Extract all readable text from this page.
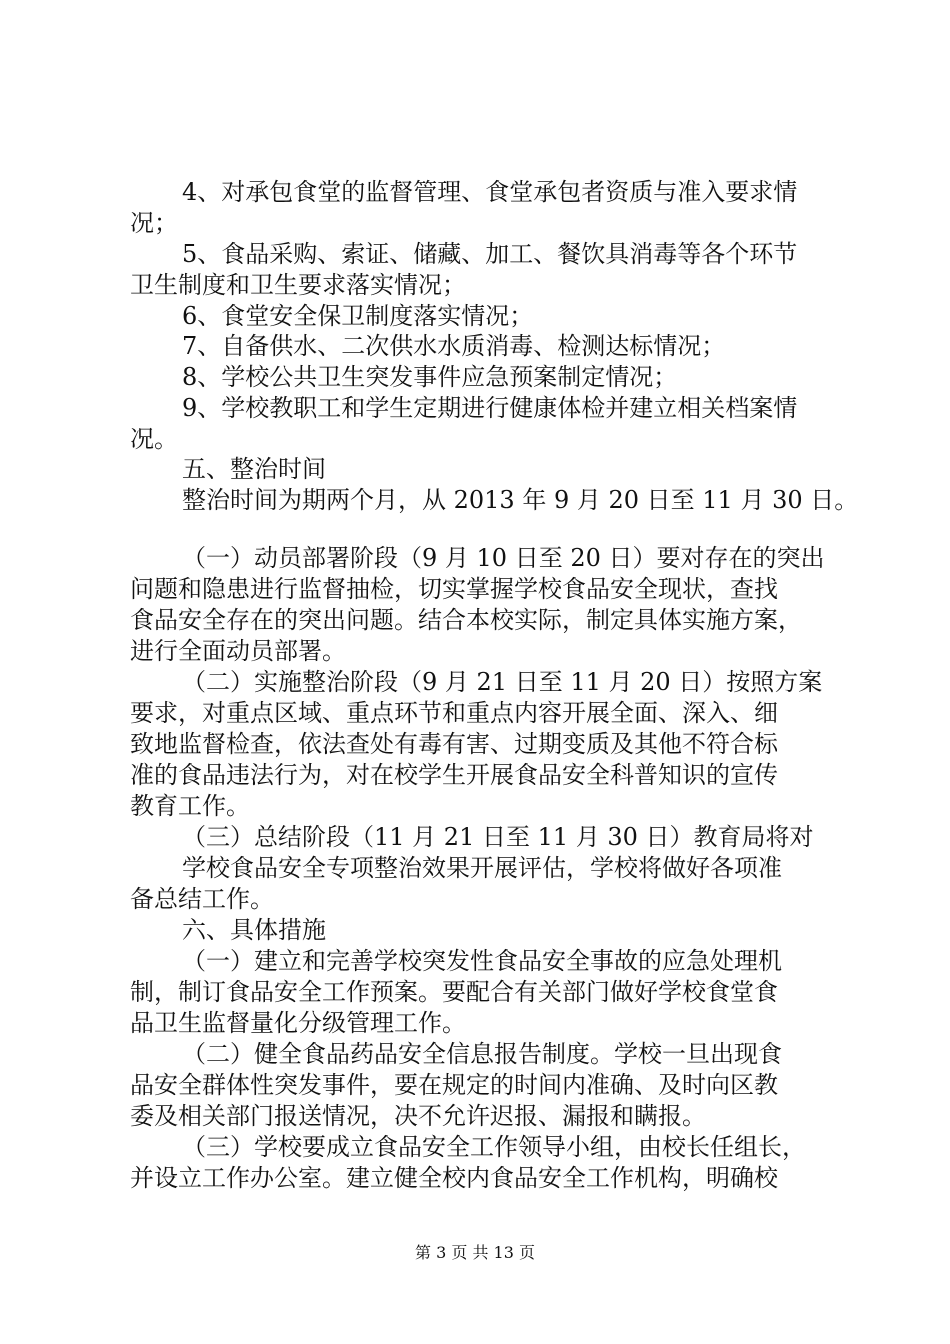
4、对承包食堂的监督管理、食堂承包者资质与准入要求情
况；
5、食品采购、索证、储藏、加工、餐饮具消毒等各个环节
卫生制度和卫生要求落实情况；
6、食堂安全保卫制度落实情况；
7、自备供水、二次供水水质消毒、检测达标情况；
8、学校公共卫生突发事件应急预案制定情况；
9、学校教职工和学生定期进行健康体检并建立相关档案情
况。
五、整治时间
整治时间为期两个月，从 2013 年 9 月 20 日至 11 月 30 日。
（一）动员部署阶段（9 月 10 日至 20 日）要对存在的突出
问题和隐患进行监督抽检，切实掌握学校食品安全现状，查找
食品安全存在的突出问题。结合本校实际，制定具体实施方案，
进行全面动员部署。
（二）实施整治阶段（9 月 21 日至 11 月 20 日）按照方案
要求，对重点区域、重点环节和重点内容开展全面、深入、细
致地监督检查，依法查处有毒有害、过期变质及其他不符合标
准的食品违法行为，对在校学生开展食品安全科普知识的宣传
教育工作。
（三）总结阶段（11 月 21 日至 11 月 30 日）教育局将对
学校食品安全专项整治效果开展评估，学校将做好各项准
备总结工作。
六、具体措施
（一）建立和完善学校突发性食品安全事故的应急处理机
制，制订食品安全工作预案。要配合有关部门做好学校食堂食
品卫生监督量化分级管理工作。
（二）健全食品药品安全信息报告制度。学校一旦出现食
品安全群体性突发事件，要在规定的时间内准确、及时向区教
委及相关部门报送情况，决不允许迟报、漏报和瞒报。
（三）学校要成立食品安全工作领导小组，由校长任组长，
并设立工作办公室。建立健全校内食品安全工作机构，明确校
第 3 页 共 13 页
